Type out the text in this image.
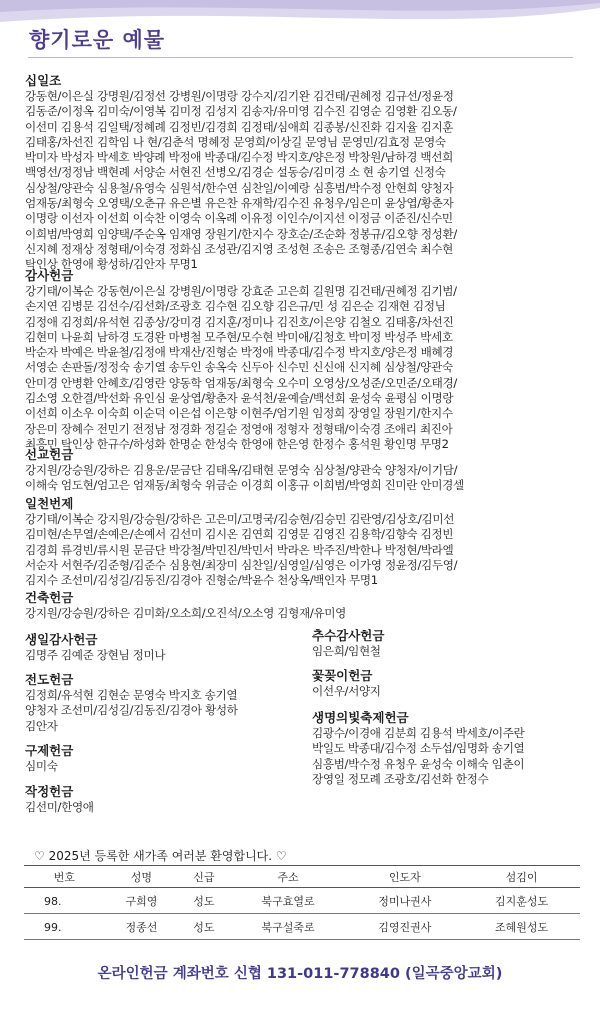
향기로운 예물
십일조
강동현/이은실 강명원/김정선 강병원/이명랑 강수지/김기완 김건태/권혜정 김규선/정윤정
김동준/이정옥 김미숙/이영복 김미정 김성지 김송자/유미영 김수진 김영순 김영환 김오동/
이선미 김용석 김일택/정혜례 김정빈/김경희 김정태/심애희 김종봉/신진화 김지율 김지훈
김태홍/차선진 김학임 나 현/김춘석 명혜정 문영희/이상길 문영님 문영민/김효정 문영숙
박미자 박성자 박세호 박양례 박정애 박종대/김수정 박지호/양은정 박창원/남하경 백선희
백영선/정정남 백현례 서양순 서현진 선병오/김경순 설동승/김미경 소 현 송기열 신정숙
심상철/양관숙 심용철/유영숙 심원석/한수연 심찬일/이예랑 심흥범/박수정 안현희 양청자
엄재동/최형숙 오영택/오춘규 유은별 유은찬 유재학/김수진 유청우/임은미 윤상엽/황춘자
이명랑 이선자 이선희 이숙찬 이영숙 이옥례 이유정 이인수/이지선 이정금 이준진/신수민
이희범/박영희 임양택/주순옥 임재영 장원기/한지수 장호순/조순화 정봉규/김오향 정성환/
신지혜 정재상 정형태/이숙경 정화심 조성관/김지영 조성현 조송은 조형종/김연숙 최수현
탁인상 한영애 황성하/김안자 무명1
감사헌금
강기태/이복순 강동현/이은실 강병원/이명랑 강효준 고은희 길원명 김건태/권혜정 김기범/
손지연 김병문 김선수/김선화/조광호 김수현 김오향 김은규/민 성 김은순 김재현 김정님
김정애 김정희/유석현 김종상/강미경 김지훈/정미나 김진호/이은양 김철오 김태홍/차선진
김현미 나윤희 남하경 도경완 마병철 모주현/모수현 박미애/김청호 박미정 박성주 박세호
박순자 박예은 박윤철/김정애 박재산/진형순 박정애 박종대/김수정 박지호/양은정 배혜경
서영순 손판돌/정정숙 송기열 송두인 송옥숙 신두아 신수민 신신애 신지혜 심상철/양관숙
안미경 안병환 안혜호/김영란 양동학 엄재동/최형숙 오수미 오영상/오성준/오민준/오태경/
김소영 오한결/박선화 유인심 윤상엽/황춘자 윤석천/윤예슬/백선희 윤성숙 윤평심 이명랑
이선희 이소우 이숙희 이순덕 이은섭 이은향 이현주/엄기원 임정희 장영일 장원기/한지수
장은미 장혜수 전민기 전정남 정경화 정길순 정영애 정형자 정형태/이숙경 조애리 최진아
최흥민 탁인상 한규수/하성화 한명순 한성숙 한영애 한은영 한정수 홍석원 황인명 무명2
선교헌금
강지원/강승원/강하은 김용운/문금단 김태옥/김태현 문영숙 심상철/양관숙 양청자/이기담/
이해숙 엄도현/엄고은 엄재동/최형숙 위금순 이경희 이홍규 이희범/박영희 진미란 안미경셀
일천번제
강기태/이복순 강지원/강승원/강하은 고은미/고명국/김승현/김승민 김란영/김상호/김미선
김미현/손무열/손예은/손예서 김선미 김시온 김연희 김영문 김영진 김용학/김향숙 김정빈
김경희 류경빈/류시원 문금단 박강철/박민진/박민서 박라온 박주진/박한나 박정현/박라엘
서순자 서현주/김준형/김준수 심용현/최장미 심찬일/심영일/심영은 이가영 정윤정/김두영/
김지수 조선미/김성길/김동진/김경아 진형순/박윤수 천상옥/백인자 무명1
건축헌금
강지원/강승원/강하은 김미화/오소희/오진석/오소영 김형재/유미영
생일감사헌금
김명주 김예준 장현님 정미나
전도헌금
김정희/유석현 김현순 문영숙 박지호 송기열
양청자 조선미/김성길/김동진/김경아 황성하
김안자
구제헌금
심미숙
작정헌금
김선미/한영애
추수감사헌금
임은희/임현철
꽃꽂이헌금
이선우/서양지
생명의빛축제헌금
김광수/이경애 김분희 김용석 박세호/이주란
박일도 박종대/김수정 소두섭/임명화 송기열
심흥범/박수정 유청우 윤성숙 이해숙 임춘이
장영일 정모례 조광호/김선화 한정수
♡ 2025년 등록한 새가족 여러분 환영합니다. ♡
번호	성명	신급	주소	인도자	섬김이
98.	구희영	성도	북구효열로	정미나권사	김지훈성도
99.	정종선	성도	북구설죽로	김영진권사	조혜원성도
온라인헌금 계좌번호 신협 131-011-778840 (일곡중앙교회)
